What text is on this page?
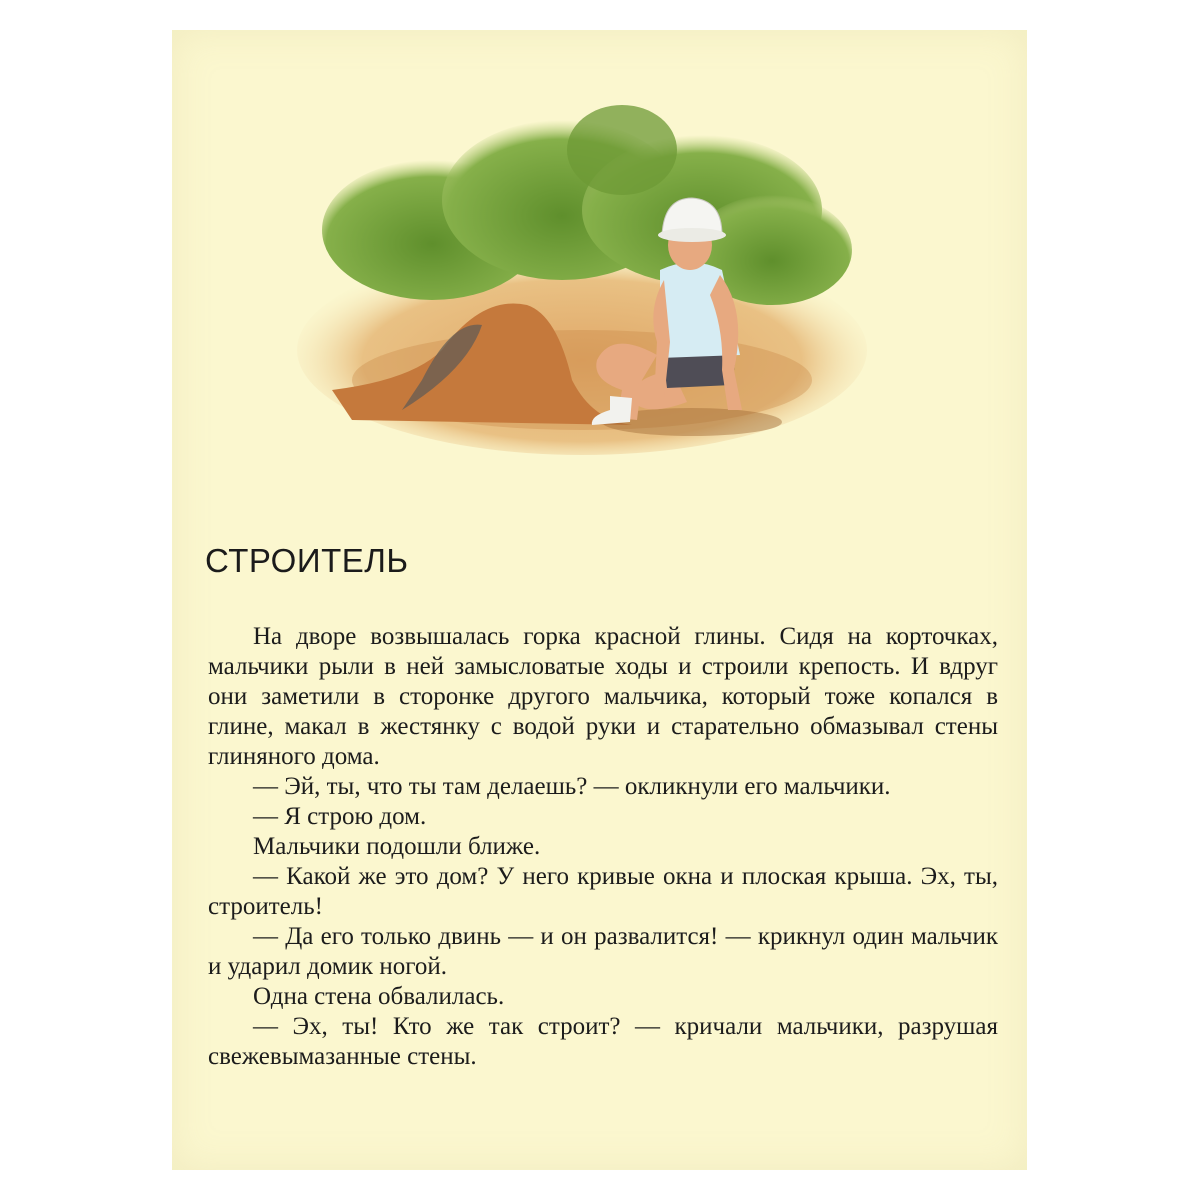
СТРОИТЕЛЬ

На дворе возвышалась горка красной глины. Сидя на корточках, мальчики рыли в ней замысловатые ходы и строили крепость. И вдруг они заметили в сторонке другого мальчика, который тоже копался в глине, макал в жестянку с водой руки и старательно обмазывал стены глиняного дома.

— Эй, ты, что ты там делаешь? — окликнули его мальчики.

— Я строю дом.

Мальчики подошли ближе.

— Какой же это дом? У него кривые окна и плоская крыша. Эх, ты, строитель!

— Да его только двинь — и он развалится! — крикнул один мальчик и ударил домик ногой.

Одна стена обвалилась.

— Эх, ты! Кто же так строит? — кричали мальчики, разрушая свежевымазанные стены.
